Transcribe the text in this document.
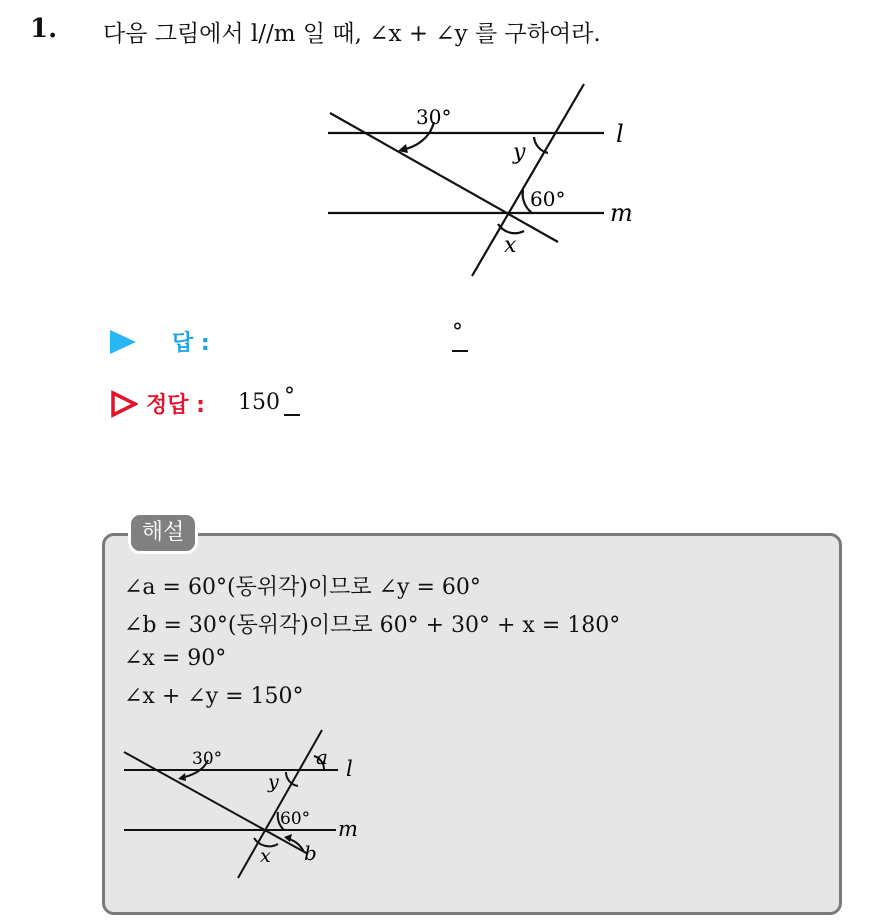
1. 다음 그림에서 l//m 일 때, ∠x + ∠y 를 구하여라.
30°
y
60°
x
l
m
답 :	°
정답 : 150 °
해설
∠a = 60°(동위각)이므로 ∠y = 60°
∠b = 30°(동위각)이므로 60° + 30° + x = 180°
∠x = 90°
∠x + ∠y = 150°
30°	a
y
60°
x b
l
m
